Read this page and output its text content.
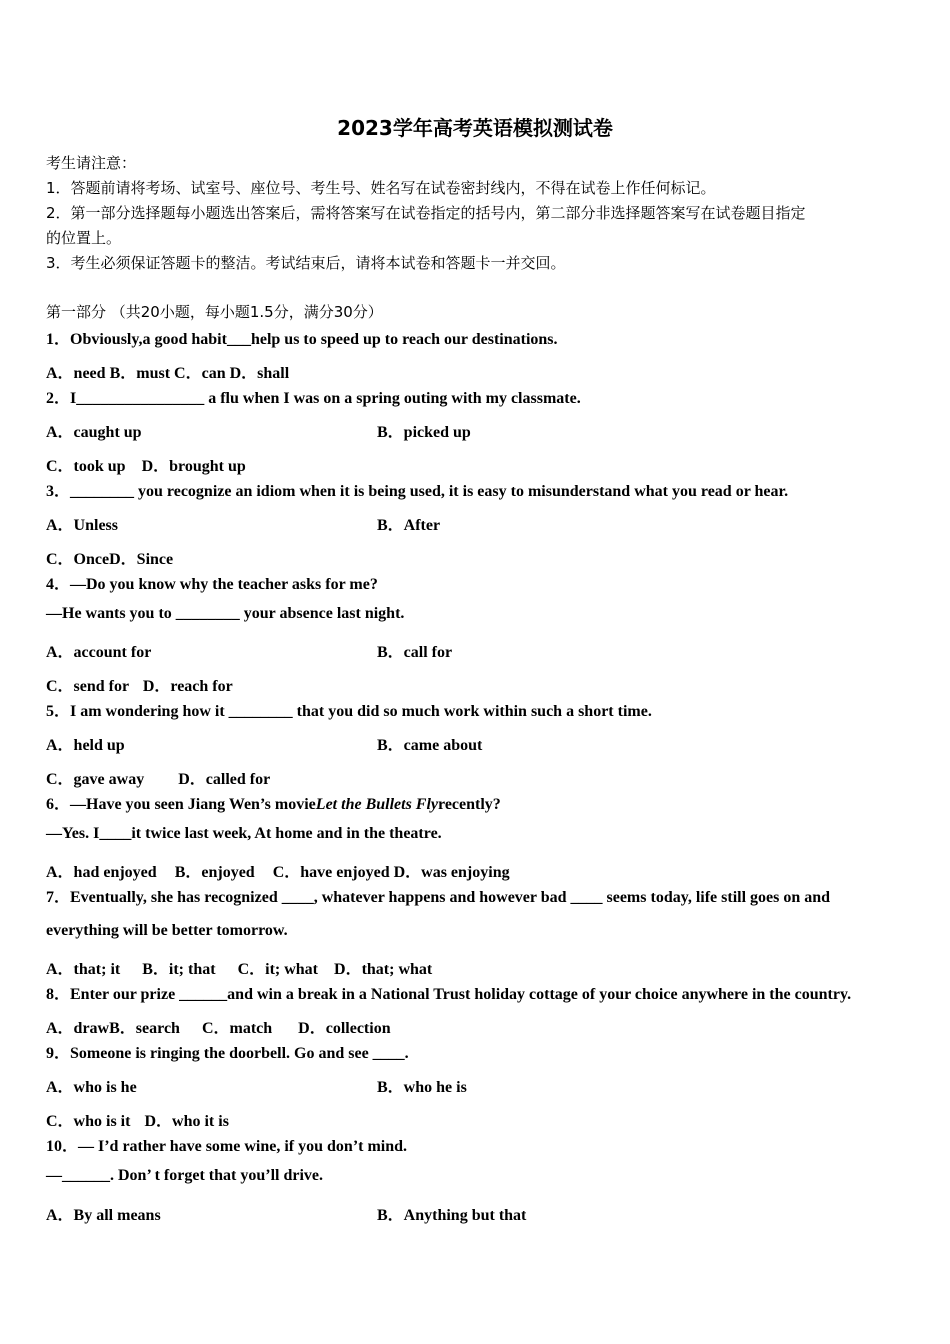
2023学年高考英语模拟测试卷
考生请注意：
1．答题前请将考场、试室号、座位号、考生号、姓名写在试卷密封线内，不得在试卷上作任何标记。
2．第一部分选择题每小题选出答案后，需将答案写在试卷指定的括号内，第二部分非选择题答案写在试卷题目指定
的位置上。
3．考生必须保证答题卡的整洁。考试结束后，请将本试卷和答题卡一并交回。
第一部分 （共20小题，每小题1.5分，满分30分）
1．Obviously,a good habit___help us to speed up to reach our destinations.
A．need B．must C．can D．shall
2．I________________ a flu when I was on a spring outing with my classmate.
A．caught up	B．picked up
C．took up D．brought up
3．________ you recognize an idiom when it is being used, it is easy to misunderstand what you read or hear.
A．Unless	B．After
C．OnceD．Since
4．—Do you know why the teacher asks for me?
—He wants you to ________ your absence last night.
A．account for	B．call for
C．send for D．reach for
5．I am wondering how it ________ that you did so much work within such a short time.
A．held up	B．came about
C．gave away D．called for
6．—Have you seen Jiang Wen’s movieLet the Bullets Flyrecently?
—Yes. I____it twice last week, At home and in the theatre.
A．had enjoyed B．enjoyed C．have enjoyed D．was enjoying
7．Eventually, she has recognized ____, whatever happens and however bad ____ seems today, life still goes on and
everything will be better tomorrow.
A．that; it B．it; that C．it; what D．that; what
8．Enter our prize ______and win a break in a National Trust holiday cottage of your choice anywhere in the country.
A．drawB．search C．match D．collection
9．Someone is ringing the doorbell. Go and see ____.
A．who is he	B．who he is
C．who is it D．who it is
10．— I’d rather have some wine, if you don’t mind.
—______. Don’ t forget that you’ll drive.
A．By all means	B．Anything but that
